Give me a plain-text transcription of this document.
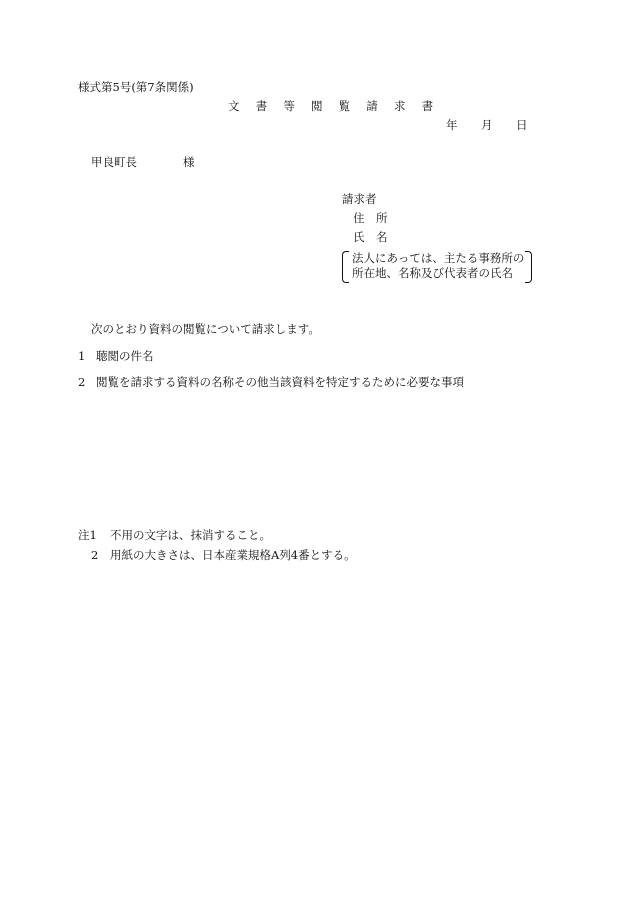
様式第5号(第7条関係)
文 書 等 閲 覧 請 求 書
年 月 日
甲良町長	様
請求者
住　所
氏　名
法人にあっては、主たる事務所の
所在地、名称及び代表者の氏名
次のとおり資料の閲覧について請求します。
1 聴閲の件名
2 閲覧を請求する資料の名称その他当該資料を特定するために必要な事項
注1 不用の文字は、抹消すること。
2 用紙の大きさは、日本産業規格A列4番とする。
